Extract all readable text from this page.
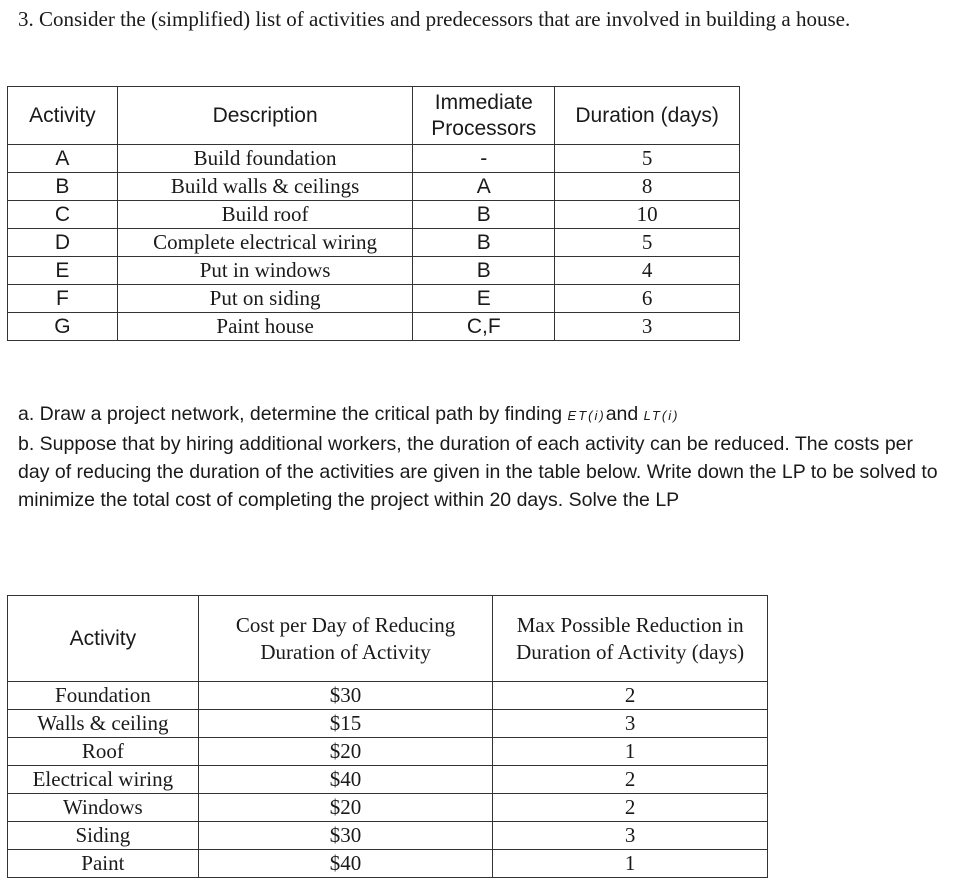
3. Consider the (simplified) list of activities and predecessors that are involved in building a house.
Activity	Description	Immediate Processors	Duration (days)
A	Build foundation	-	5
B	Build walls & ceilings	A	8
C	Build roof	B	10
D	Complete electrical wiring	B	5
E	Put in windows	B	4
F	Put on siding	E	6
G	Paint house	C,F	3
a. Draw a project network, determine the critical path by finding ET(i)and LT(i)
b. Suppose that by hiring additional workers, the duration of each activity can be reduced. The costs per day of reducing the duration of the activities are given in the table below. Write down the LP to be solved to minimize the total cost of completing the project within 20 days. Solve the LP
Activity	Cost per Day of Reducing Duration of Activity	Max Possible Reduction in Duration of Activity (days)
Foundation	$30	2
Walls & ceiling	$15	3
Roof	$20	1
Electrical wiring	$40	2
Windows	$20	2
Siding	$30	3
Paint	$40	1
